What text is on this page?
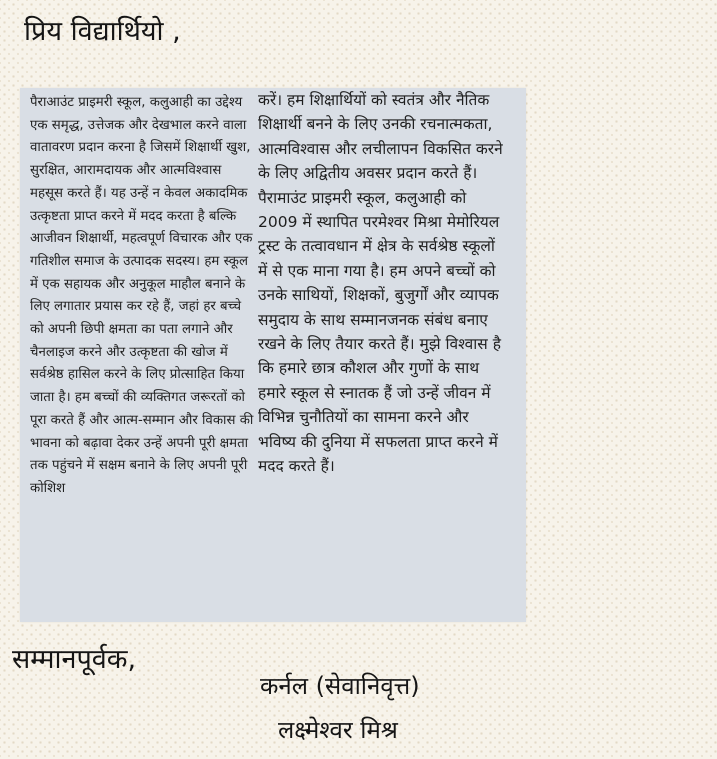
प्रिय विद्यार्थियो ,
पैराआउंट प्राइमरी स्कूल, कलुआही का उद्देश्य एक समृद्ध, उत्तेजक और देखभाल करने वाला वातावरण प्रदान करना है जिसमें शिक्षार्थी खुश, सुरक्षित, आरामदायक और आत्मविश्वास महसूस करते हैं। यह उन्हें न केवल अकादमिक उत्कृष्टता प्राप्त करने में मदद करता है बल्कि आजीवन शिक्षार्थी, महत्वपूर्ण विचारक और एक गतिशील समाज के उत्पादक सदस्य। हम स्कूल में एक सहायक और अनुकूल माहौल बनाने के लिए लगातार प्रयास कर रहे हैं, जहां हर बच्चे को अपनी छिपी क्षमता का पता लगाने और चैनलाइज करने और उत्कृष्टता की खोज में सर्वश्रेष्ठ हासिल करने के लिए प्रोत्साहित किया जाता है। हम बच्चों की व्यक्तिगत जरूरतों को पूरा करते हैं और आत्म-सम्मान और विकास की भावना को बढ़ावा देकर उन्हें अपनी पूरी क्षमता तक पहुंचने में सक्षम बनाने के लिए अपनी पूरी कोशिश
करें। हम शिक्षार्थियों को स्वतंत्र और नैतिक शिक्षार्थी बनने के लिए उनकी रचनात्मकता, आत्मविश्वास और लचीलापन विकसित करने के लिए अद्वितीय अवसर प्रदान करते हैं। पैरामाउंट प्राइमरी स्कूल, कलुआही को 2009 में स्थापित परमेश्वर मिश्रा मेमोरियल ट्रस्ट के तत्वावधान में क्षेत्र के सर्वश्रेष्ठ स्कूलों में से एक माना गया है। हम अपने बच्चों को उनके साथियों, शिक्षकों, बुजुर्गों और व्यापक समुदाय के साथ सम्मानजनक संबंध बनाए रखने के लिए तैयार करते हैं। मुझे विश्वास है कि हमारे छात्र कौशल और गुणों के साथ हमारे स्कूल से स्नातक हैं जो उन्हें जीवन में विभिन्न चुनौतियों का सामना करने और भविष्य की दुनिया में सफलता प्राप्त करने में मदद करते हैं।
सम्मानपूर्वक,
कर्नल (सेवानिवृत्त)
लक्ष्मेश्वर मिश्र
